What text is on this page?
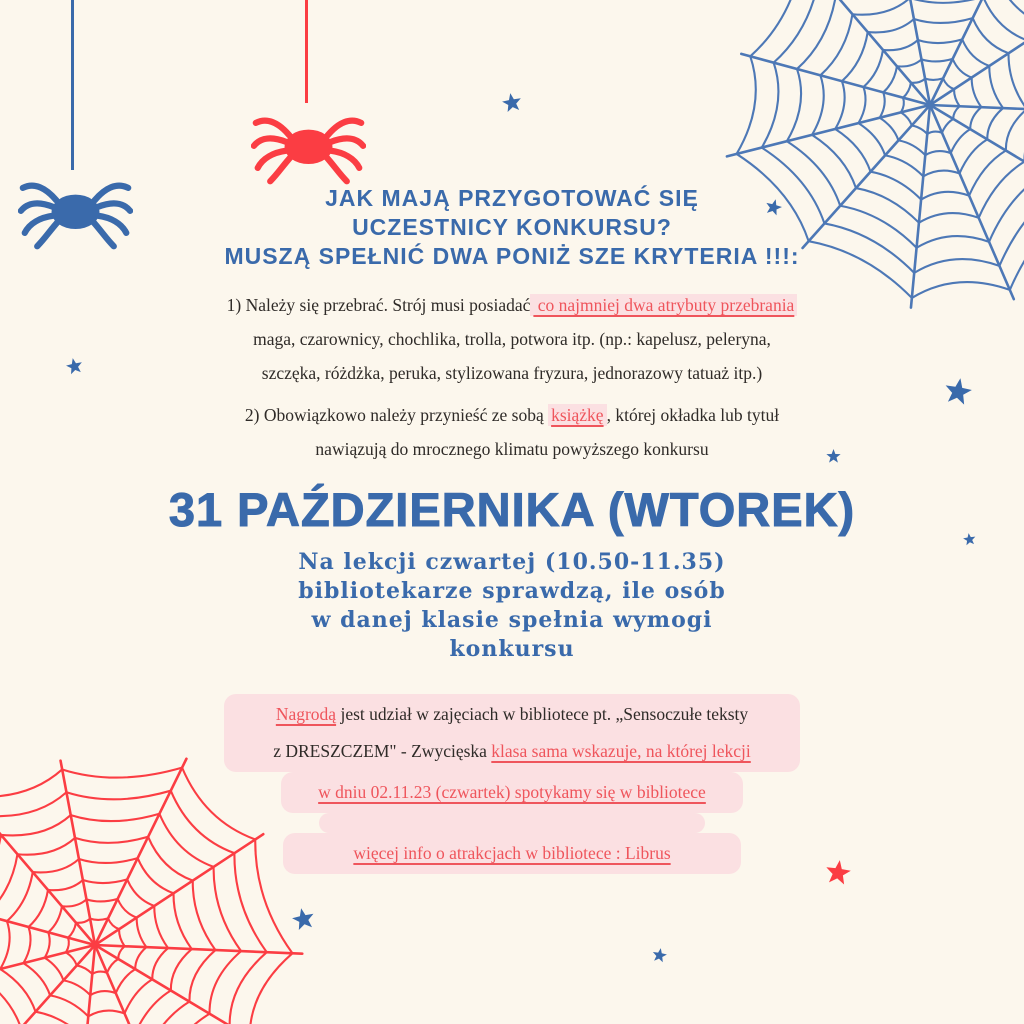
JAK MAJĄ PRZYGOTOWAĆ SIĘ
UCZESTNICY KONKURSU?
MUSZĄ SPEŁNIĆ DWA PONIŻ SZE KRYTERIA !!!:
1) Należy się przebrać. Strój musi posiadać co najmniej dwa atrybuty przebrania
maga, czarownicy, chochlika, trolla, potwora itp. (np.: kapelusz, peleryna,
szczęka, różdżka, peruka, stylizowana fryzura, jednorazowy tatuaż itp.)
2) Obowiązkowo należy przynieść ze sobą książkę , której okładka lub tytuł
nawiązują do mrocznego klimatu powyższego konkursu
31 PAŹDZIERNIKA (WTOREK)
Na lekcji czwartej (10.50-11.35)
bibliotekarze sprawdzą, ile osób
w danej klasie spełnia wymogi
konkursu
Nagrodą jest udział w zajęciach w bibliotece pt. „Sensoczułe teksty
z DRESZCZEM" - Zwycięska klasa sama wskazuje, na której lekcji
w dniu 02.11.23 (czwartek) spotykamy się w bibliotece
więcej info o atrakcjach w bibliotece : Librus
